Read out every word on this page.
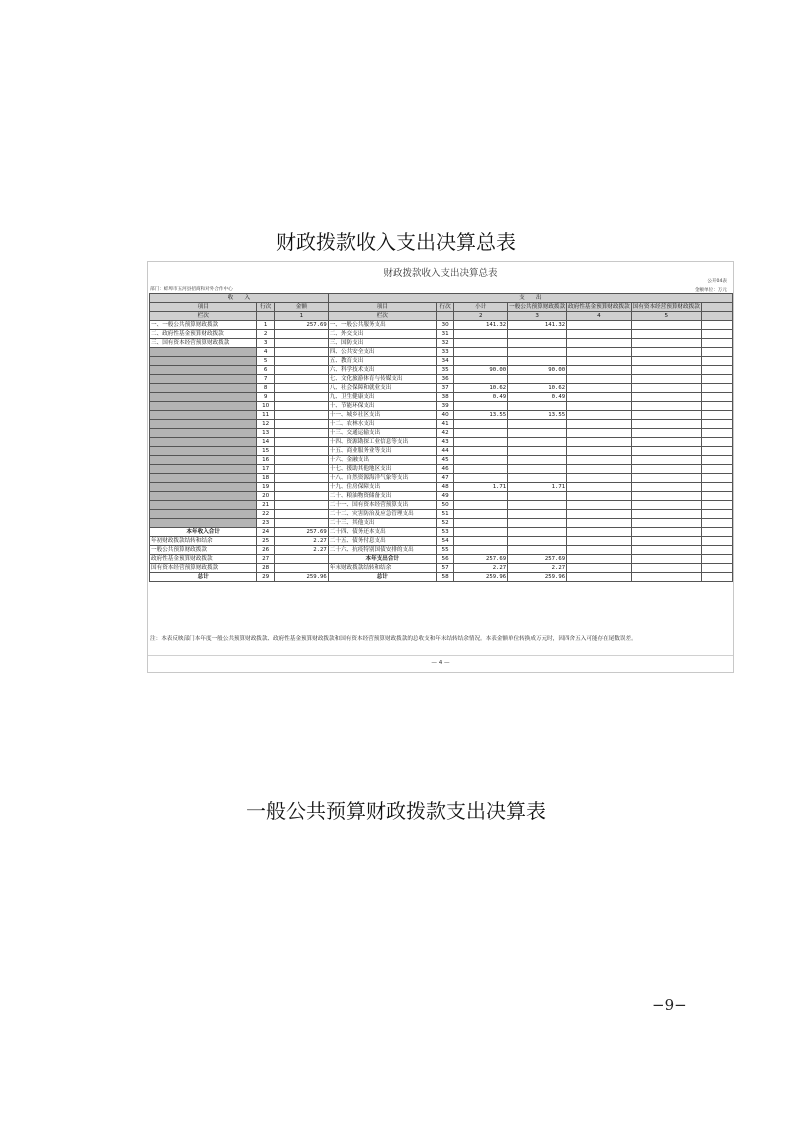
财政拨款收入支出决算总表
财政拨款收入支出决算总表
公开04表
金额单位：万元
部门：蚌埠市五河县招商和对外合作中心
收　　入			支　　出						
项目	行次	金额	项目	行次	小计	一般公共预算财政拨款	政府性基金预算财政拨款	国有资本经营预算财政拨款	
栏次		1	栏次		2	3	4	5	
一、一般公共预算财政拨款	1	257.69	一、一般公共服务支出	30	141.32	141.32			
二、政府性基金预算财政拨款	2		二、外交支出	31					
三、国有资本经营预算财政拨款	3		三、国防支出	32					
	4		四、公共安全支出	33					
	5		五、教育支出	34					
	6		六、科学技术支出	35	90.00	90.00			
	7		七、文化旅游体育与传媒支出	36					
	8		八、社会保障和就业支出	37	10.62	10.62			
	9		九、卫生健康支出	38	0.49	0.49			
	10		十、节能环保支出	39					
	11		十一、城乡社区支出	40	13.55	13.55			
	12		十二、农林水支出	41					
	13		十三、交通运输支出	42					
	14		十四、资源勘探工业信息等支出	43					
	15		十五、商业服务业等支出	44					
	16		十六、金融支出	45					
	17		十七、援助其他地区支出	46					
	18		十八、自然资源海洋气象等支出	47					
	19		十九、住房保障支出	48	1.71	1.71			
	20		二十、粮油物资储备支出	49					
	21		二十一、国有资本经营预算支出	50					
	22		二十二、灾害防治及应急管理支出	51					
	23		二十三、其他支出	52					
本年收入合计	24	257.69	二十四、债务还本支出	53					
年初财政拨款结转和结余	25	2.27	二十五、债务付息支出	54					
一般公共预算财政拨款	26	2.27	二十六、抗疫特别国债安排的支出	55					
政府性基金预算财政拨款	27		本年支出合计	56	257.69	257.69			
国有资本经营预算财政拨款	28		年末财政拨款结转和结余	57	2.27	2.27			
总计	29	259.96	总计	58	259.96	259.96			
注：本表反映部门本年度一般公共预算财政拨款、政府性基金预算财政拨款和国有资本经营预算财政拨款的总收支和年末结转结余情况。本表金额单位转换成万元时，因四舍五入可能存在尾数误差。
— 4 —
一般公共预算财政拨款支出决算表
−9−
